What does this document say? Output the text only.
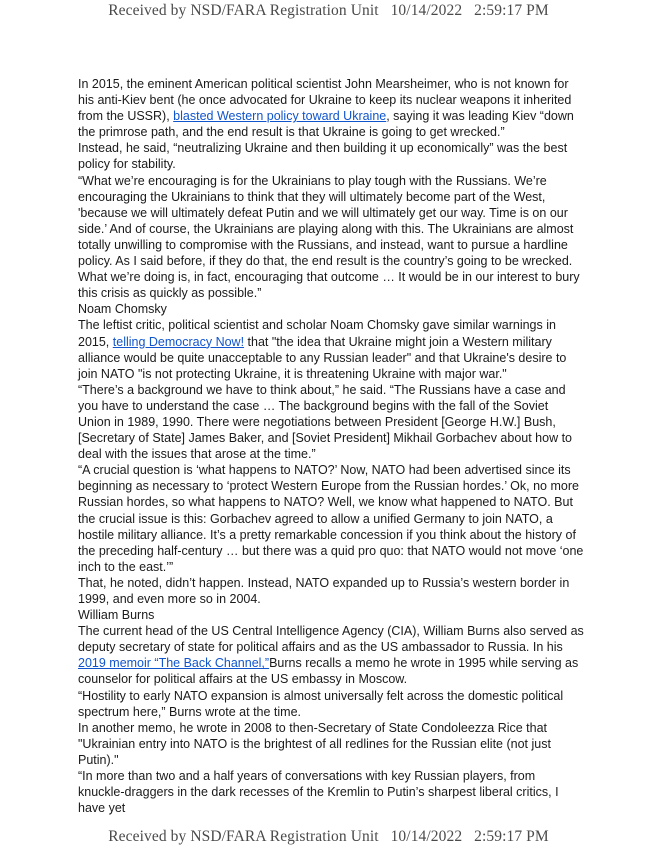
Received by NSD/FARA Registration Unit   10/14/2022   2:59:17 PM

In 2015, the eminent American political scientist John Mearsheimer, who is not known for his anti-Kiev bent (he once advocated for Ukraine to keep its nuclear weapons it inherited from the USSR), blasted Western policy toward Ukraine, saying it was leading Kiev “down the primrose path, and the end result is that Ukraine is going to get wrecked.”

Instead, he said, “neutralizing Ukraine and then building it up economically” was the best policy for stability.

“What we’re encouraging is for the Ukrainians to play tough with the Russians. We’re encouraging the Ukrainians to think that they will ultimately become part of the West, 'because we will ultimately defeat Putin and we will ultimately get our way. Time is on our side.’ And of course, the Ukrainians are playing along with this. The Ukrainians are almost totally unwilling to compromise with the Russians, and instead, want to pursue a hardline policy. As I said before, if they do that, the end result is the country’s going to be wrecked. What we’re doing is, in fact, encouraging that outcome … It would be in our interest to bury this crisis as quickly as possible.”

Noam Chomsky

The leftist critic, political scientist and scholar Noam Chomsky gave similar warnings in 2015, telling Democracy Now! that "the idea that Ukraine might join a Western military alliance would be quite unacceptable to any Russian leader" and that Ukraine's desire to join NATO "is not protecting Ukraine, it is threatening Ukraine with major war."

“There’s a background we have to think about,” he said. “The Russians have a case and you have to understand the case … The background begins with the fall of the Soviet Union in 1989, 1990. There were negotiations between President [George H.W.] Bush, [Secretary of State] James Baker, and [Soviet President] Mikhail Gorbachev about how to deal with the issues that arose at the time.”

“A crucial question is ‘what happens to NATO?’ Now, NATO had been advertised since its beginning as necessary to ‘protect Western Europe from the Russian hordes.’ Ok, no more Russian hordes, so what happens to NATO? Well, we know what happened to NATO. But the crucial issue is this: Gorbachev agreed to allow a unified Germany to join NATO, a hostile military alliance. It’s a pretty remarkable concession if you think about the history of the preceding half-century … but there was a quid pro quo: that NATO would not move ‘one inch to the east.’”

That, he noted, didn’t happen. Instead, NATO expanded up to Russia’s western border in 1999, and even more so in 2004.

William Burns

The current head of the US Central Intelligence Agency (CIA), William Burns also served as deputy secretary of state for political affairs and as the US ambassador to Russia. In his 2019 memoir “The Back Channel,”Burns recalls a memo he wrote in 1995 while serving as counselor for political affairs at the US embassy in Moscow.

“Hostility to early NATO expansion is almost universally felt across the domestic political spectrum here,” Burns wrote at the time.

In another memo, he wrote in 2008 to then-Secretary of State Condoleezza Rice that "Ukrainian entry into NATO is the brightest of all redlines for the Russian elite (not just Putin)."

“In more than two and a half years of conversations with key Russian players, from knuckle-draggers in the dark recesses of the Kremlin to Putin’s sharpest liberal critics, I have yet

Received by NSD/FARA Registration Unit   10/14/2022   2:59:17 PM
